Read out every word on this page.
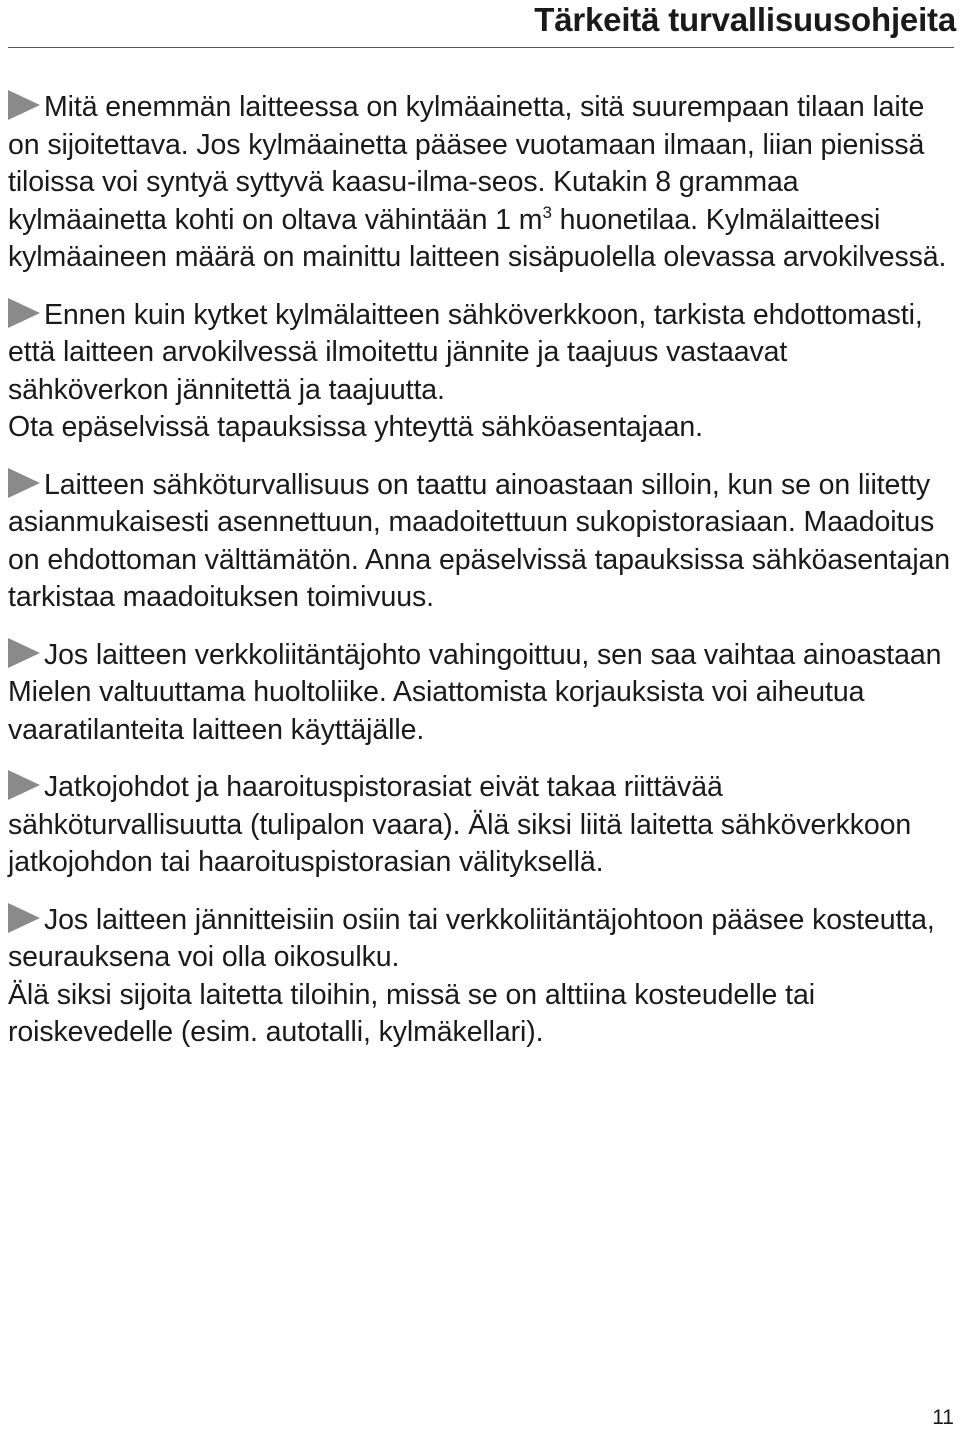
Tärkeitä turvallisuusohjeita

Mitä enemmän laitteessa on kylmäainetta, sitä suurempaan tilaan laite on sijoitettava. Jos kylmäainetta pääsee vuotamaan ilmaan, liian pienissä tiloissa voi syntyä syttyvä kaasu-ilma-seos. Kutakin 8 grammaa kylmäainetta kohti on oltava vähintään 1 $m^3$ huonetilaa. Kylmälaitteesi kylmäaineen määrä on mainittu laitteen sisäpuolella olevassa arvokilvessä.

Ennen kuin kytket kylmälaitteen sähköverkkoon, tarkista ehdottomasti, että laitteen arvokilvessä ilmoitettu jännite ja taajuus vastaavat sähköverkon jännitettä ja taajuutta.
Ota epäselvissä tapauksissa yhteyttä sähköasentajaan.

Laitteen sähköturvallisuus on taattu ainoastaan silloin, kun se on liitetty asianmukaisesti asennettuun, maadoitettuun sukopistorasiaan. Maadoitus on ehdottoman välttämätön. Anna epäselvissä tapauksissa sähköasentajan tarkistaa maadoituksen toimivuus.

Jos laitteen verkkoliitäntäjohto vahingoittuu, sen saa vaihtaa ainoastaan Mielen valtuuttama huoltoliike. Asiattomista korjauksista voi aiheutua vaaratilanteita laitteen käyttäjälle.

Jatkojohdot ja haaroituspistorasiat eivät takaa riittävää sähköturvallisuutta (tulipalon vaara). Älä siksi liitä laitetta sähköverkkoon jatkojohdon tai haaroituspistorasian välityksellä.

Jos laitteen jännitteisiin osiin tai verkkoliitäntäjohtoon pääsee kosteutta, seurauksena voi olla oikosulku.
Älä siksi sijoita laitetta tiloihin, missä se on alttiina kosteudelle tai roiskevedelle (esim. autotalli, kylmäkellari).

11
